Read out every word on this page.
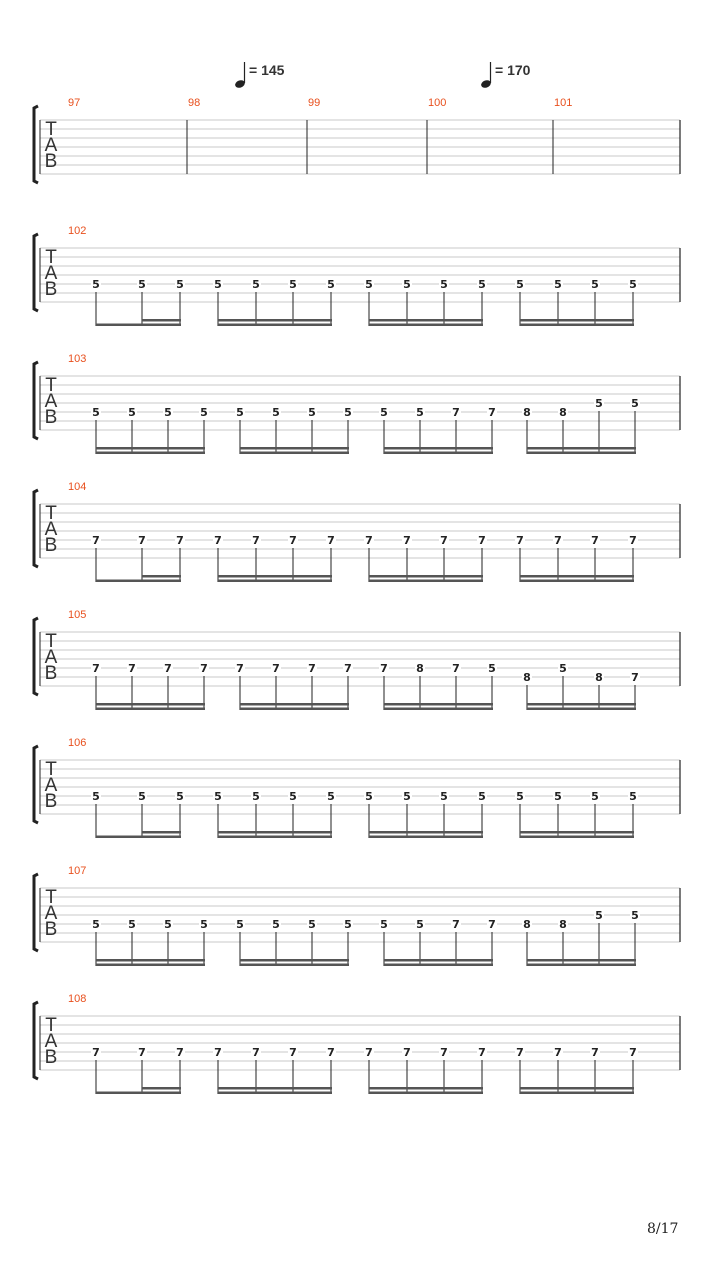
= 145	= 170
T
A
B
97	98	99	100	101
T
A
B
102
5	5	5	5	5	5	5	5	5	5	5	5	5	5	5
T
A
B
103
5	5	5	5	5	5	5	5	5	5	7	7 8	8
5	5
T
A
B
104
7	7	7	7	7	7	7	7	7	7	7	7	7	7	7
T
A
B
105
7	7	7	7	7	7	7	7	7	8	7	5
8
5
8	7
T
A
B
106
5	5	5	5	5	5	5	5	5	5	5	5	5	5	5
T
A
B
107
5	5	5	5	5	5	5	5	5	5	7	7 8	8
5	5
T
A
B
108
7	7	7	7	7	7	7	7	7	7	7	7	7	7	7
8/17
